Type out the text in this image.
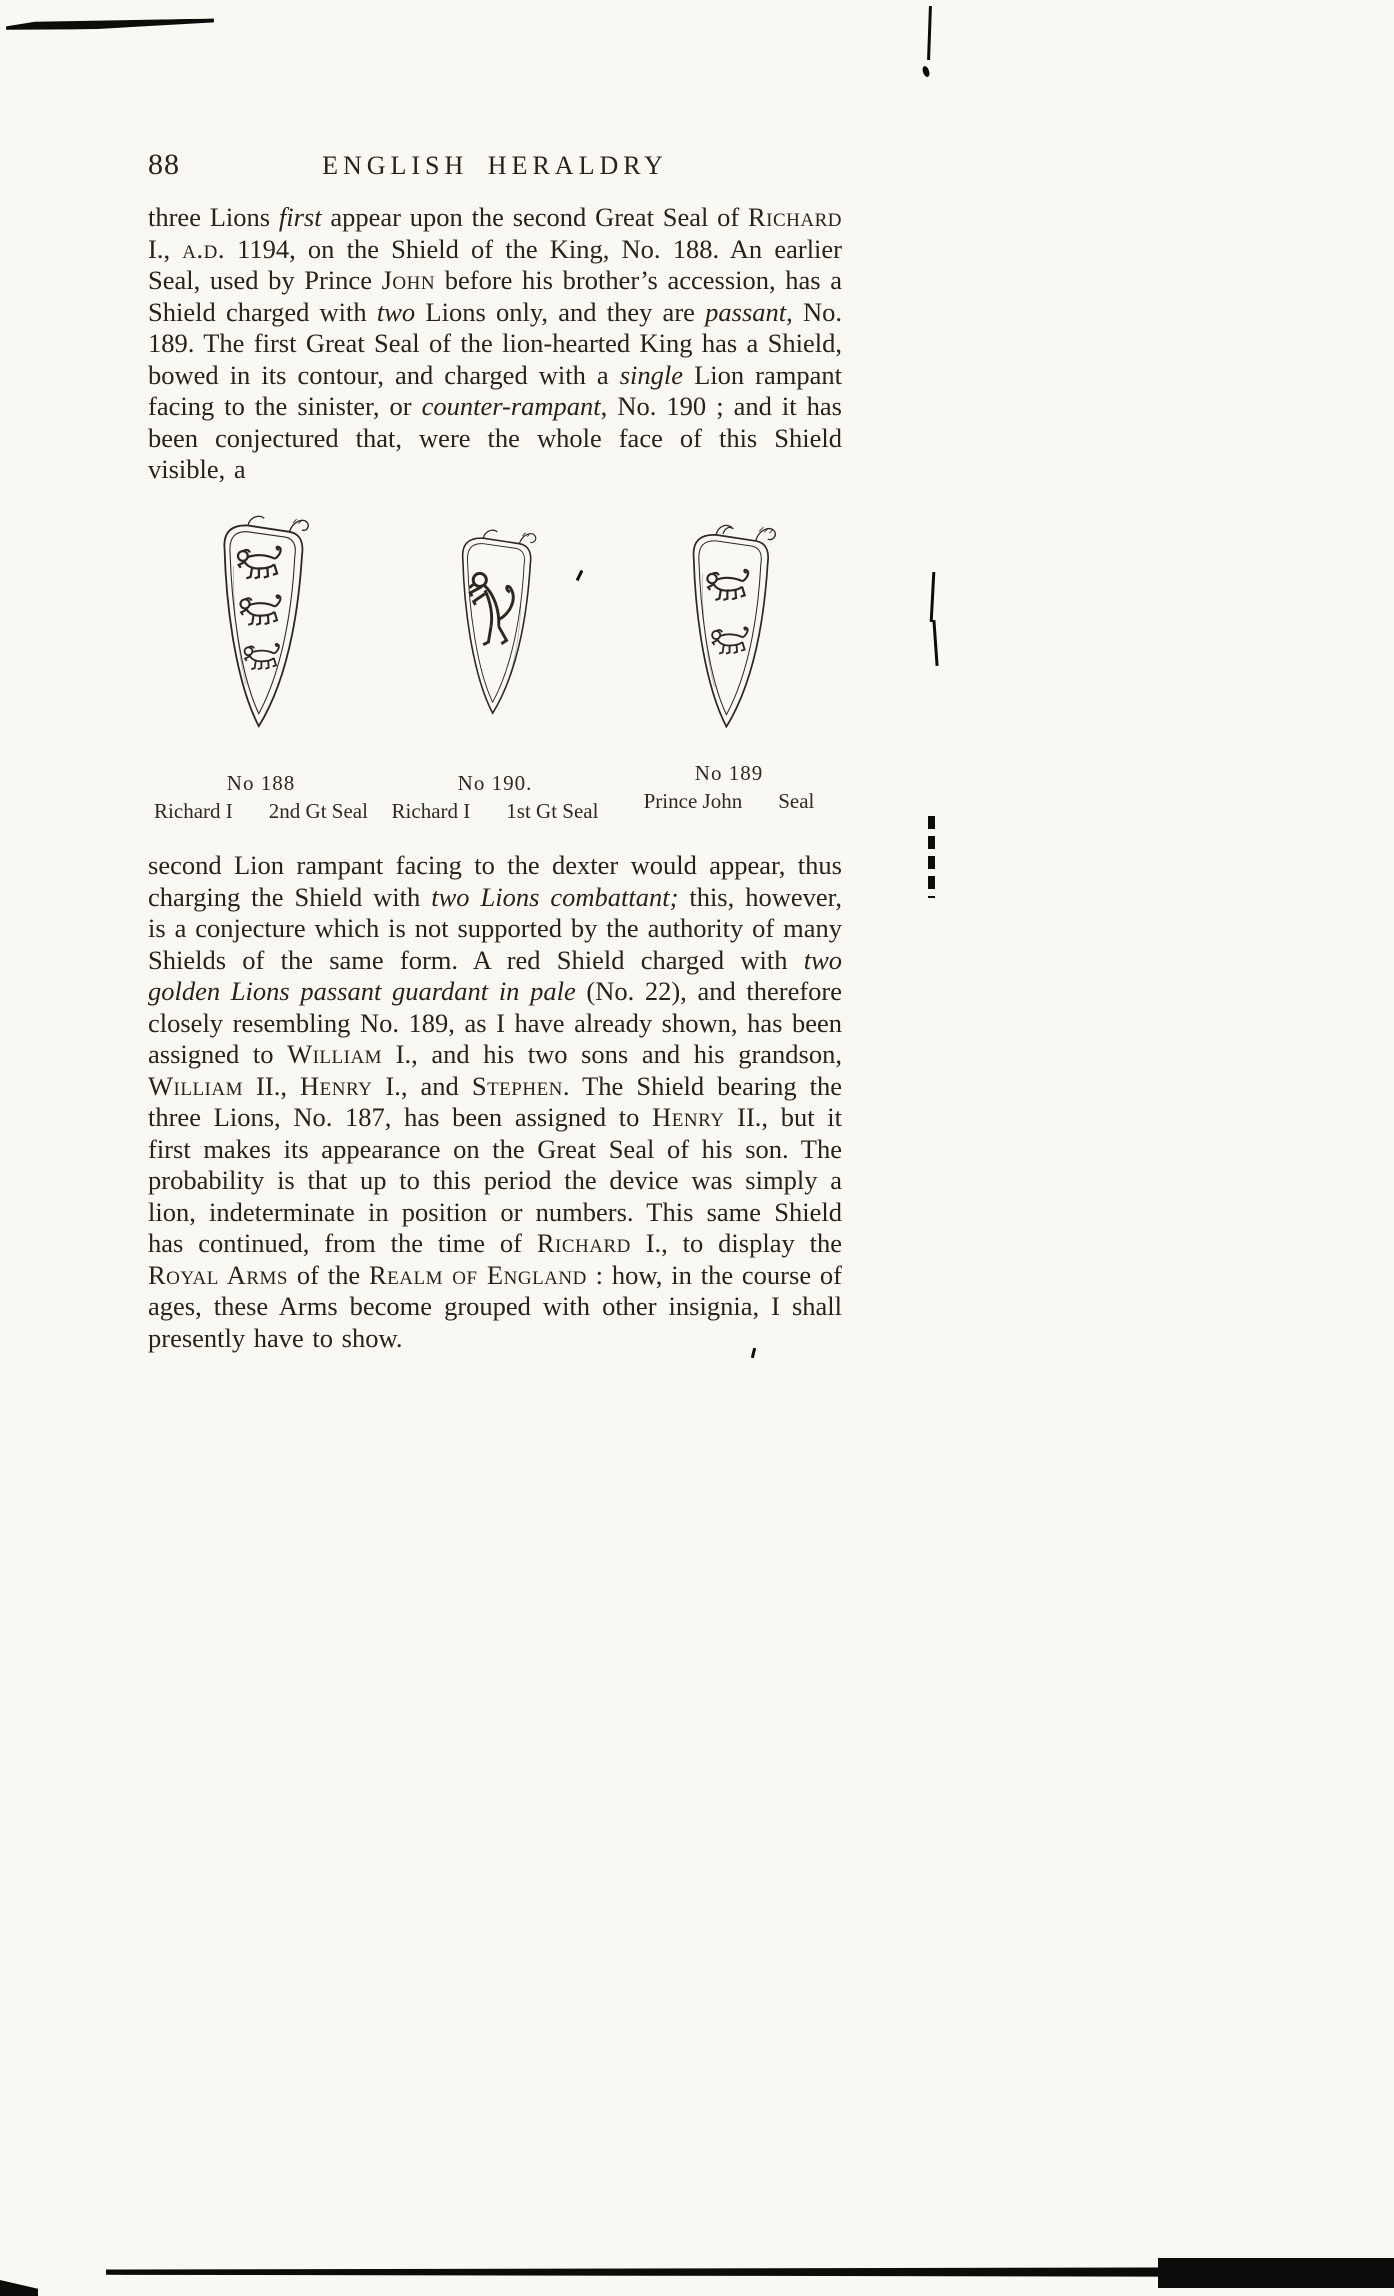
88	ENGLISH HERALDRY

three Lions first appear upon the second Great Seal of Richard I., a.d. 1194, on the Shield of the King, No. 188. An earlier Seal, used by Prince John before his brother’s accession, has a Shield charged with two Lions only, and they are passant, No. 189. The first Great Seal of the lion-hearted King has a Shield, bowed in its contour, and charged with a single Lion rampant facing to the sinister, or counter-rampant, No. 190 ; and it has been conjectured that, were the whole face of this Shield visible, a

No 188
Richard I 2nd Gt Seal
No 190.
Richard I 1st Gt Seal
No 189
Prince John Seal

second Lion rampant facing to the dexter would appear, thus charging the Shield with two Lions combattant; this, however, is a conjecture which is not supported by the authority of many Shields of the same form. A red Shield charged with two golden Lions passant guardant in pale (No. 22), and therefore closely resembling No. 189, as I have already shown, has been assigned to William I., and his two sons and his grandson, William II., Henry I., and Stephen. The Shield bearing the three Lions, No. 187, has been assigned to Henry II., but it first makes its appearance on the Great Seal of his son. The probability is that up to this period the device was simply a lion, indeterminate in position or numbers. This same Shield has continued, from the time of Richard I., to display the Royal Arms of the Realm of England : how, in the course of ages, these Arms become grouped with other insignia, I shall presently have to show.
